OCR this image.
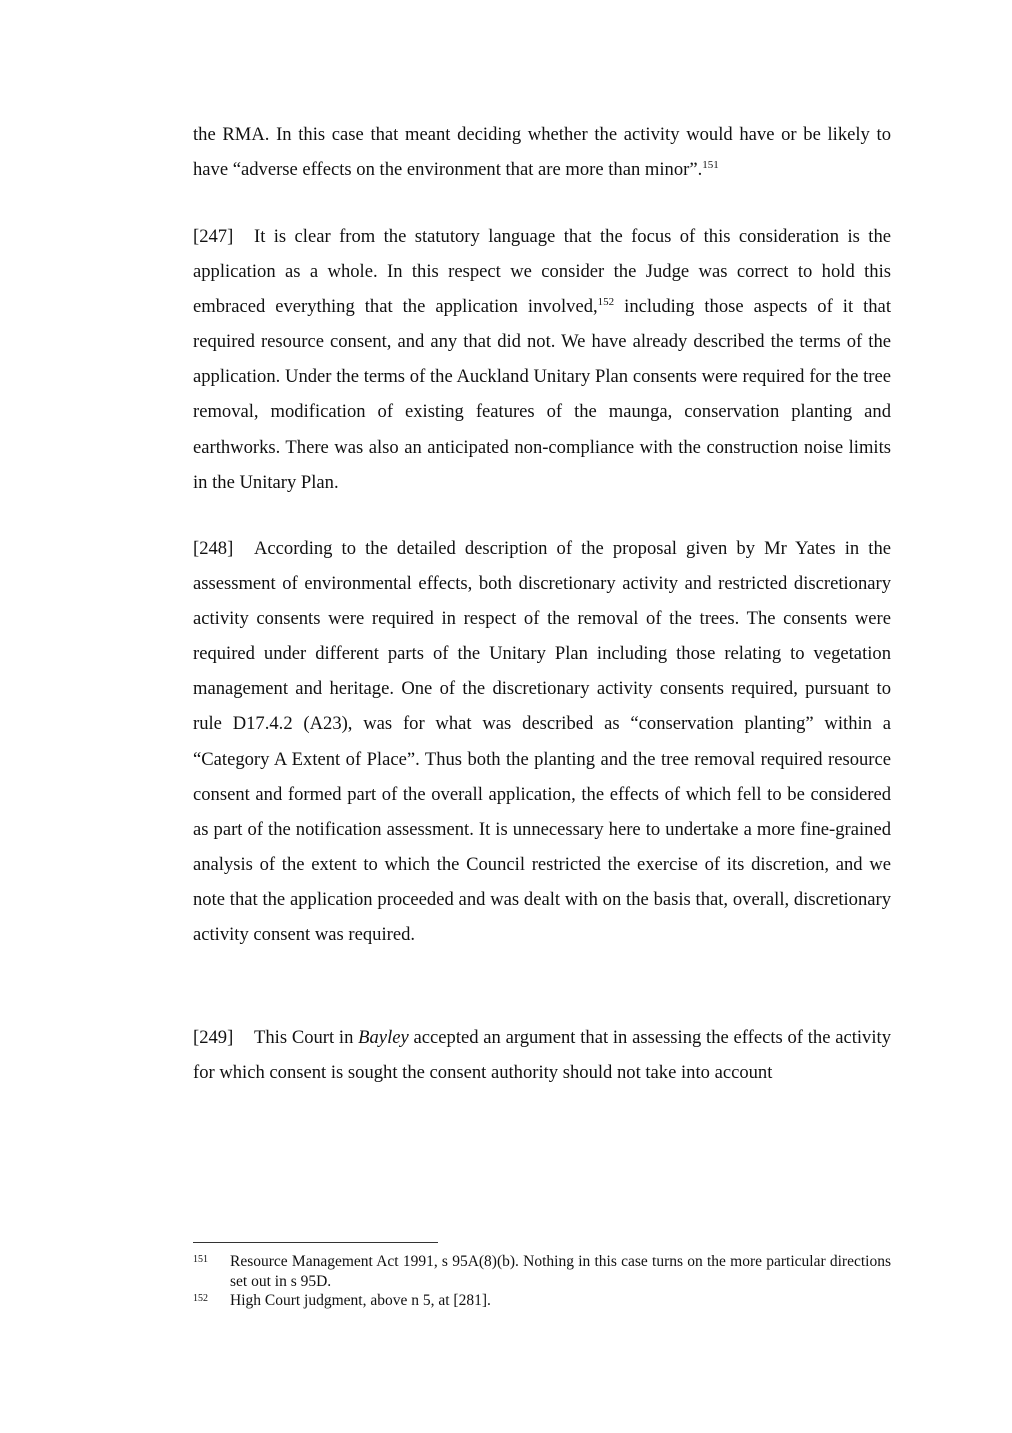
the RMA. In this case that meant deciding whether the activity would have or be likely to have “adverse effects on the environment that are more than minor”.$^{151}$

[247] It is clear from the statutory language that the focus of this consideration is the application as a whole. In this respect we consider the Judge was correct to hold this embraced everything that the application involved,$^{152}$ including those aspects of it that required resource consent, and any that did not. We have already described the terms of the application. Under the terms of the Auckland Unitary Plan consents were required for the tree removal, modification of existing features of the maunga, conservation planting and earthworks. There was also an anticipated non-compliance with the construction noise limits in the Unitary Plan.

[248] According to the detailed description of the proposal given by Mr Yates in the assessment of environmental effects, both discretionary activity and restricted discretionary activity consents were required in respect of the removal of the trees. The consents were required under different parts of the Unitary Plan including those relating to vegetation management and heritage. One of the discretionary activity consents required, pursuant to rule D17.4.2 (A23), was for what was described as “conservation planting” within a “Category A Extent of Place”. Thus both the planting and the tree removal required resource consent and formed part of the overall application, the effects of which fell to be considered as part of the notification assessment. It is unnecessary here to undertake a more fine-grained analysis of the extent to which the Council restricted the exercise of its discretion, and we note that the application proceeded and was dealt with on the basis that, overall, discretionary activity consent was required.

[249] This Court in Bayley accepted an argument that in assessing the effects of the activity for which consent is sought the consent authority should not take into account

151	Resource Management Act 1991, s 95A(8)(b). Nothing in this case turns on the more particular directions set out in s 95D.
152	High Court judgment, above n 5, at [281].
